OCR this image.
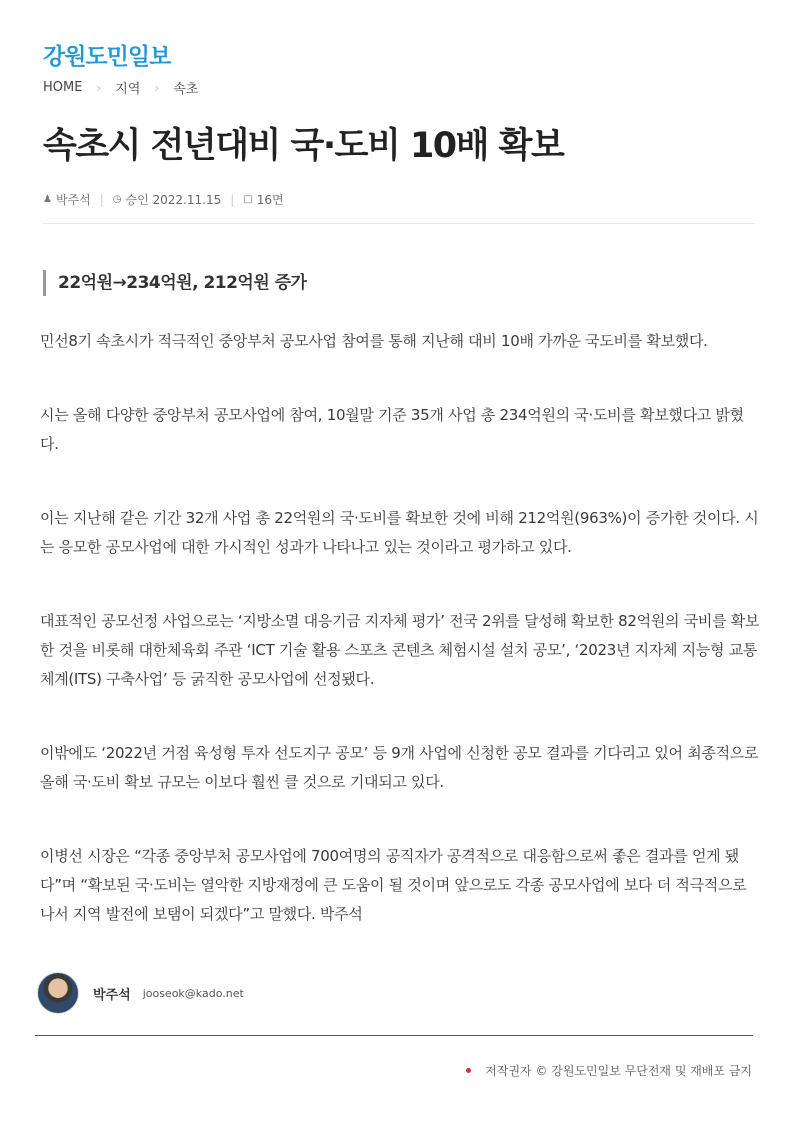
강원도민일보
HOME › 지역 › 속초
속초시 전년대비 국·도비 10배 확보
♟ 박주석 | ◷ 승인 2022.11.15 | □ 16면
22억원→234억원, 212억원 증가

민선8기 속초시가 적극적인 중앙부처 공모사업 참여를 통해 지난해 대비 10배 가까운 국도비를 확보했다.

시는 올해 다양한 중앙부처 공모사업에 참여, 10월말 기준 35개 사업 총 234억원의 국·도비를 확보했다고 밝혔다.

이는 지난해 같은 기간 32개 사업 총 22억원의 국·도비를 확보한 것에 비해 212억원(963%)이 증가한 것이다. 시는 응모한 공모사업에 대한 가시적인 성과가 나타나고 있는 것이라고 평가하고 있다.

대표적인 공모선정 사업으로는 ‘지방소멸 대응기금 지자체 평가’ 전국 2위를 달성해 확보한 82억원의 국비를 확보한 것을 비롯해 대한체육회 주관 ‘ICT 기술 활용 스포츠 콘텐츠 체험시설 설치 공모’, ‘2023년 지자체 지능형 교통체계(ITS) 구축사업’ 등 굵직한 공모사업에 선정됐다.

이밖에도 ‘2022년 거점 육성형 투자 선도지구 공모’ 등 9개 사업에 신청한 공모 결과를 기다리고 있어 최종적으로 올해 국·도비 확보 규모는 이보다 훨씬 클 것으로 기대되고 있다.

이병선 시장은 “각종 중앙부처 공모사업에 700여명의 공직자가 공격적으로 대응함으로써 좋은 결과를 얻게 됐다”며 “확보된 국·도비는 열악한 지방재정에 큰 도움이 될 것이며 앞으로도 각종 공모사업에 보다 더 적극적으로 나서 지역 발전에 보탬이 되겠다”고 말했다. 박주석

박주석 jooseok@kado.net
저작권자 © 강원도민일보 무단전재 및 재배포 금지
